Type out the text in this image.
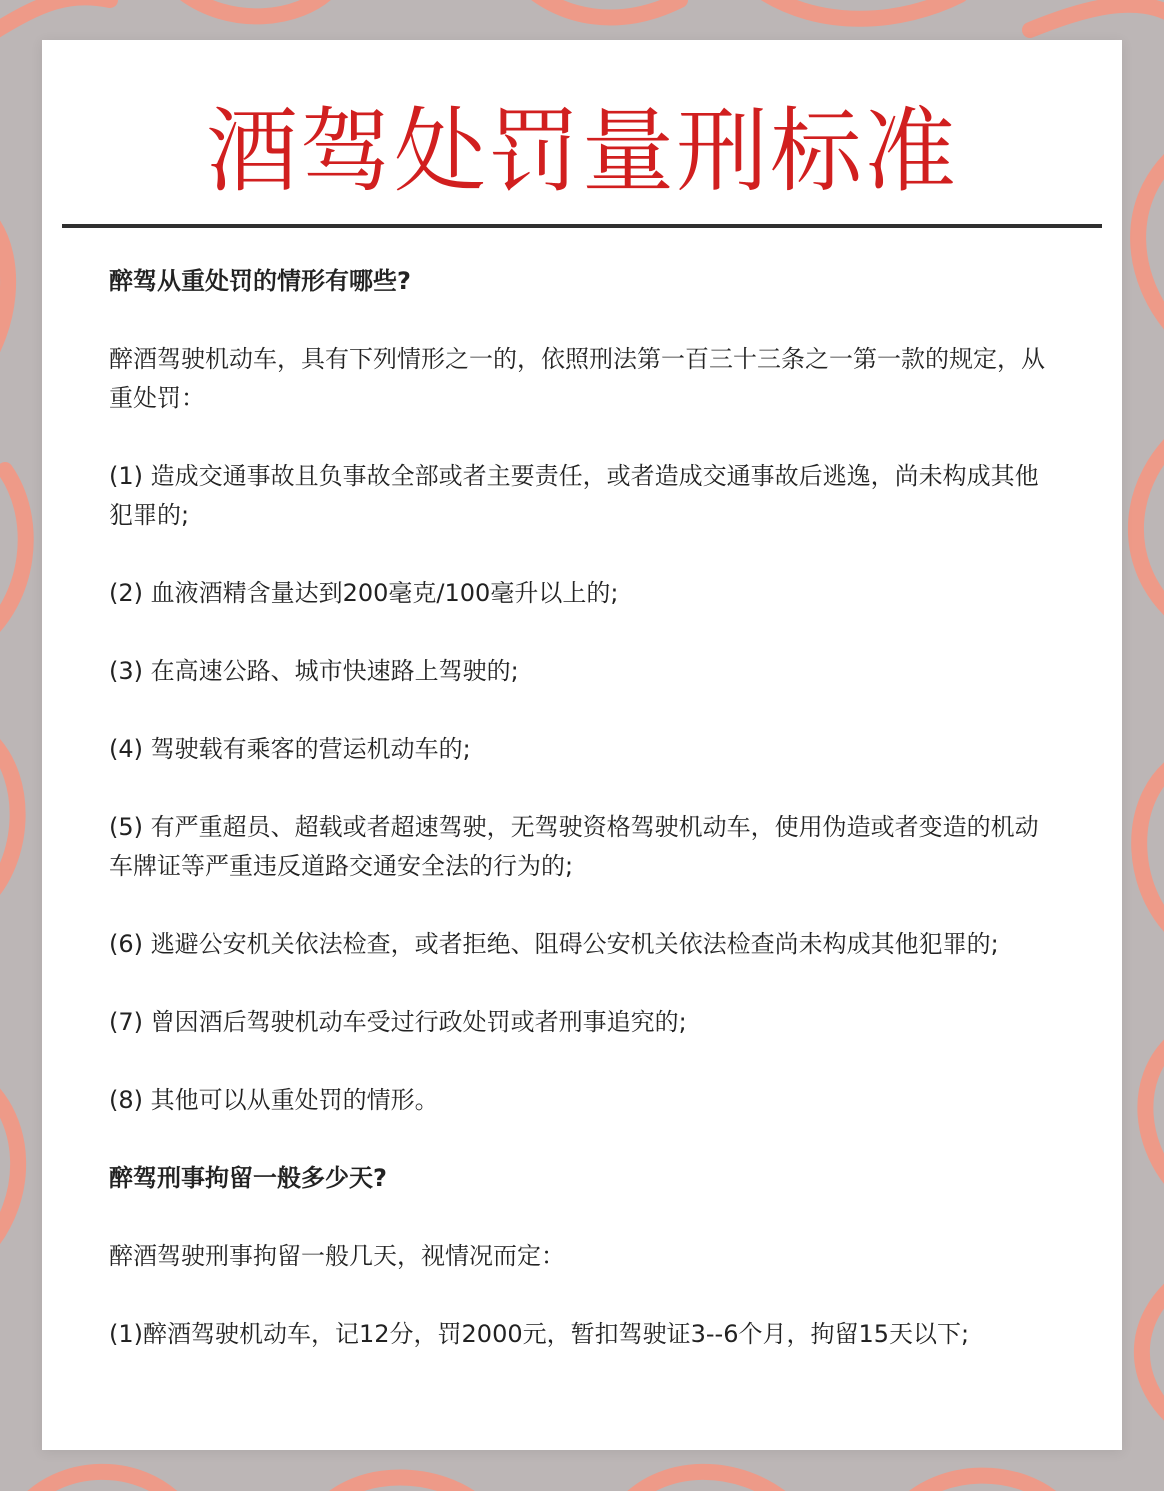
酒驾处罚量刑标准

醉驾从重处罚的情形有哪些?

醉酒驾驶机动车，具有下列情形之一的，依照刑法第一百三十三条之一第一款的规定，从重处罚：

(1) 造成交通事故且负事故全部或者主要责任，或者造成交通事故后逃逸，尚未构成其他犯罪的;

(2) 血液酒精含量达到200毫克/100毫升以上的;

(3) 在高速公路、城市快速路上驾驶的;

(4) 驾驶载有乘客的营运机动车的;

(5) 有严重超员、超载或者超速驾驶，无驾驶资格驾驶机动车，使用伪造或者变造的机动车牌证等严重违反道路交通安全法的行为的;

(6) 逃避公安机关依法检查，或者拒绝、阻碍公安机关依法检查尚未构成其他犯罪的;

(7) 曾因酒后驾驶机动车受过行政处罚或者刑事追究的;

(8) 其他可以从重处罚的情形。

醉驾刑事拘留一般多少天?

醉酒驾驶刑事拘留一般几天，视情况而定：

(1)醉酒驾驶机动车，记12分，罚2000元，暂扣驾驶证3--6个月，拘留15天以下;
